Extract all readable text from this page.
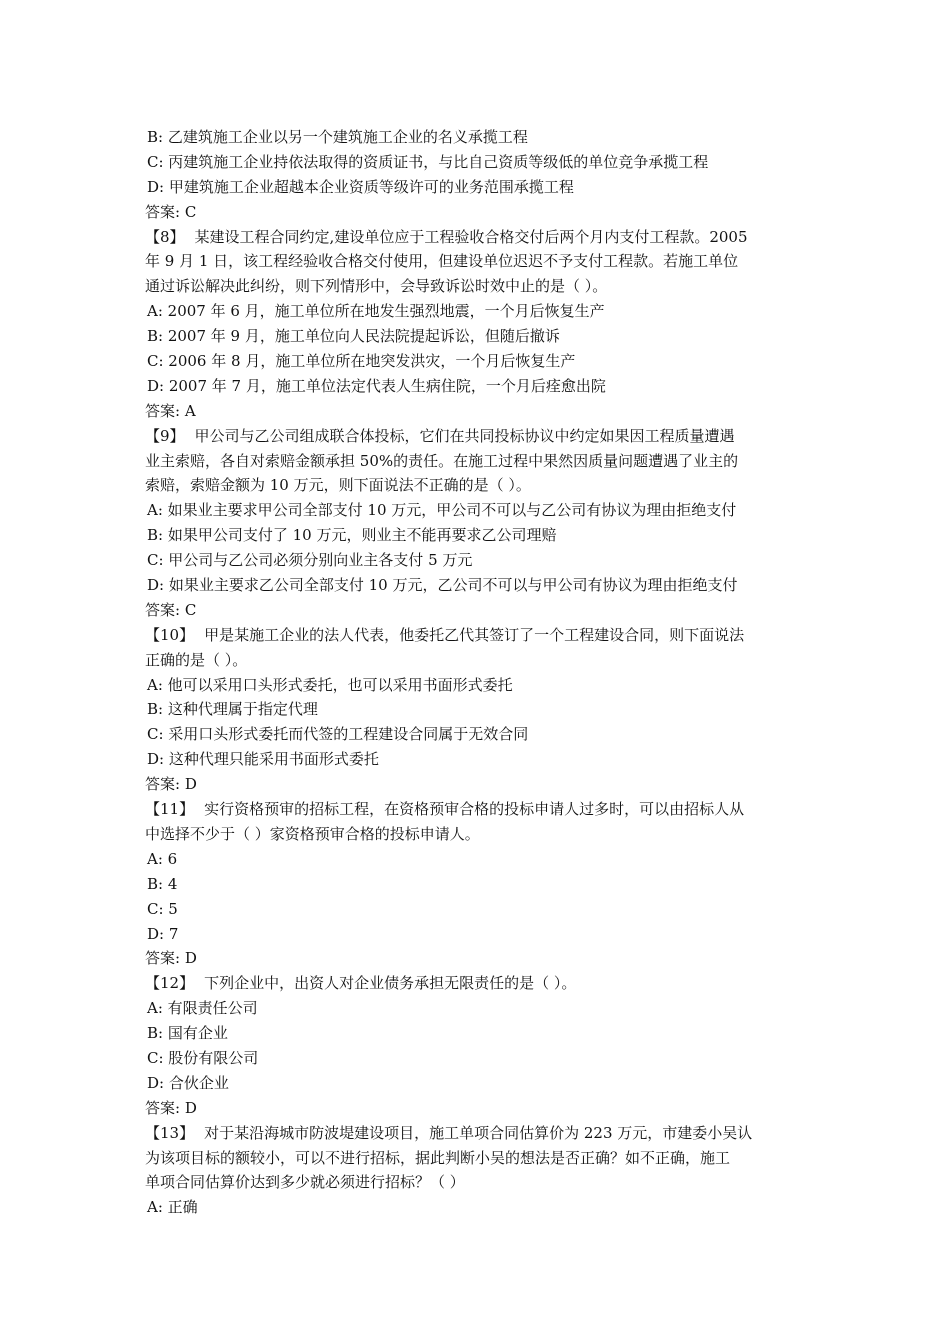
B: 乙建筑施工企业以另一个建筑施工企业的名义承揽工程
C: 丙建筑施工企业持依法取得的资质证书，与比自己资质等级低的单位竞争承揽工程
D: 甲建筑施工企业超越本企业资质等级许可的业务范围承揽工程
答案: C
【8】 某建设工程合同约定,建设单位应于工程验收合格交付后两个月内支付工程款。2005
年 9 月 1 日，该工程经验收合格交付使用，但建设单位迟迟不予支付工程款。若施工单位
通过诉讼解决此纠纷，则下列情形中，会导致诉讼时效中止的是（ ）。
A: 2007 年 6 月，施工单位所在地发生强烈地震，一个月后恢复生产
B: 2007 年 9 月，施工单位向人民法院提起诉讼，但随后撤诉
C: 2006 年 8 月，施工单位所在地突发洪灾，一个月后恢复生产
D: 2007 年 7 月，施工单位法定代表人生病住院，一个月后痊愈出院
答案: A
【9】 甲公司与乙公司组成联合体投标，它们在共同投标协议中约定如果因工程质量遭遇
业主索赔，各自对索赔金额承担 50%的责任。在施工过程中果然因质量问题遭遇了业主的
索赔，索赔金额为 10 万元，则下面说法不正确的是（ ）。
A: 如果业主要求甲公司全部支付 10 万元，甲公司不可以与乙公司有协议为理由拒绝支付
B: 如果甲公司支付了 10 万元，则业主不能再要求乙公司理赔
C: 甲公司与乙公司必须分别向业主各支付 5 万元
D: 如果业主要求乙公司全部支付 10 万元，乙公司不可以与甲公司有协议为理由拒绝支付
答案: C
【10】 甲是某施工企业的法人代表，他委托乙代其签订了一个工程建设合同，则下面说法
正确的是（ ）。
A: 他可以采用口头形式委托，也可以采用书面形式委托
B: 这种代理属于指定代理
C: 采用口头形式委托而代签的工程建设合同属于无效合同
D: 这种代理只能采用书面形式委托
答案: D
【11】 实行资格预审的招标工程，在资格预审合格的投标申请人过多时，可以由招标人从
中选择不少于（ ）家资格预审合格的投标申请人。
A: 6
B: 4
C: 5
D: 7
答案: D
【12】 下列企业中，出资人对企业债务承担无限责任的是（ ）。
A: 有限责任公司
B: 国有企业
C: 股份有限公司
D: 合伙企业
答案: D
【13】 对于某沿海城市防波堤建设项目，施工单项合同估算价为 223 万元，市建委小吴认
为该项目标的额较小，可以不进行招标，据此判断小吴的想法是否正确？如不正确，施工
单项合同估算价达到多少就必须进行招标？（ ）
A: 正确
